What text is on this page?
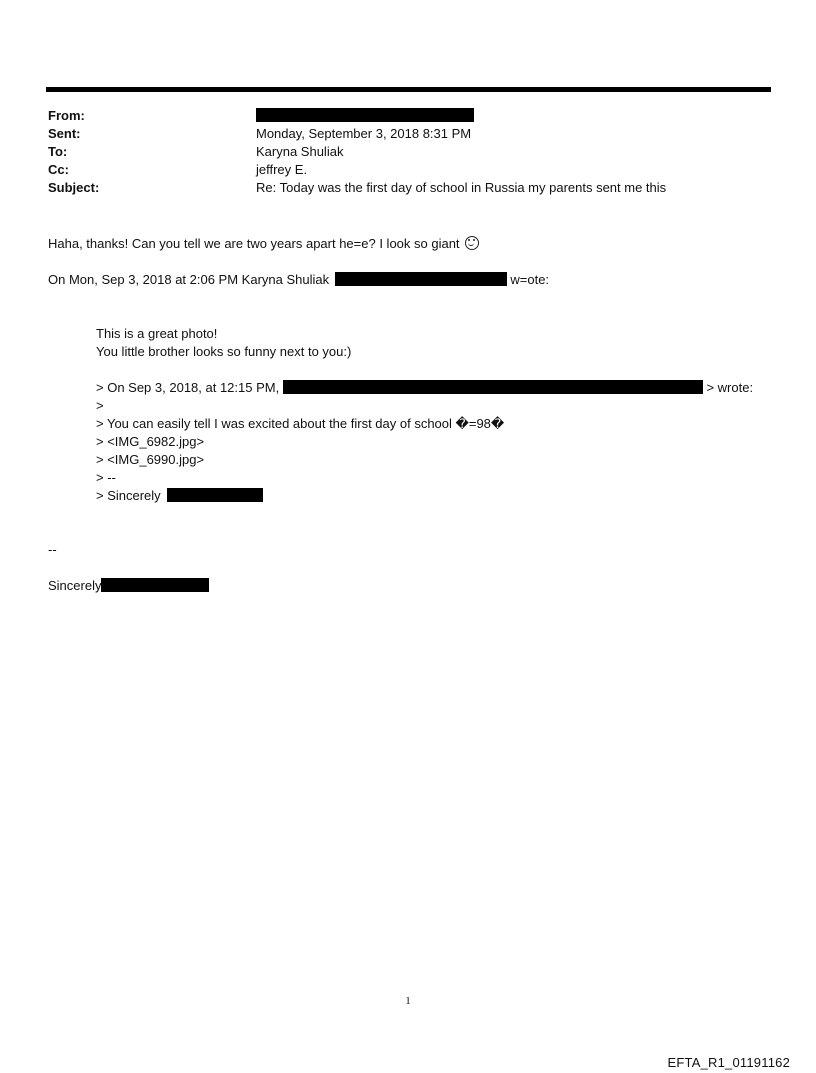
From:
Sent:	Monday, September 3, 2018 8:31 PM
To:	Karyna Shuliak
Cc:	jeffrey E.
Subject:	Re: Today was the first day of school in Russia my parents sent me this
Haha, thanks! Can you tell we are two years apart he=e? I look so giant
On Mon, Sep 3, 2018 at 2:06 PM Karyna Shuliak	w=ote:
This is a great photo!
You little brother looks so funny next to you:)
> On Sep 3, 2018, at 12:15 PM,	> wrote:
>
> You can easily tell I was excited about the first day of school �=98�
> <IMG_6982.jpg>
> <IMG_6990.jpg>
> --
> Sincerely
--
Sincerely
1
EFTA_R1_01191162
